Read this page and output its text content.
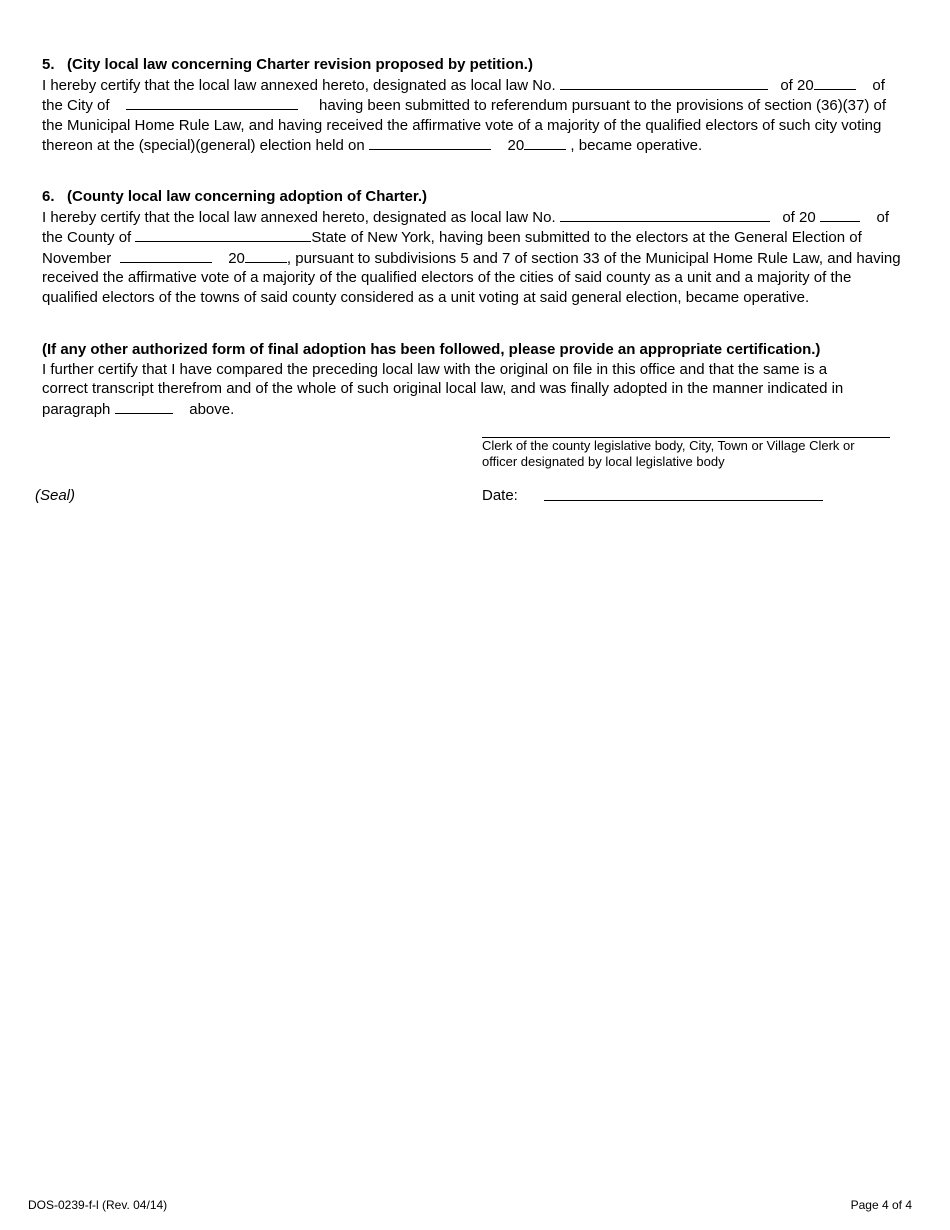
5. (City local law concerning Charter revision proposed by petition.)
I hereby certify that the local law annexed hereto, designated as local law No.	of 20	of
the City of	having been submitted to referendum pursuant to the provisions of section (36)(37) of
the Municipal Home Rule Law, and having received the affirmative vote of a majority of the qualified electors of such city voting
thereon at the (special)(general) election held on	20	, became operative.
6. (County local law concerning adoption of Charter.)
I hereby certify that the local law annexed hereto, designated as local law No.	of 20	of
the County of	State of New York, having been submitted to the electors at the General Election of
November	20	, pursuant to subdivisions 5 and 7 of section 33 of the Municipal Home Rule Law, and having
received the affirmative vote of a majority of the qualified electors of the cities of said county as a unit and a majority of the
qualified electors of the towns of said county considered as a unit voting at said general election, became operative.
(If any other authorized form of final adoption has been followed, please provide an appropriate certification.)
I further certify that I have compared the preceding local law with the original on file in this office and that the same is a
correct transcript therefrom and of the whole of such original local law, and was finally adopted in the manner indicated in
paragraph	above.
Clerk of the county legislative body, City, Town or Village Clerk or
officer designated by local legislative body
(Seal)	Date:
DOS-0239-f-l (Rev. 04/14)	Page 4 of 4
